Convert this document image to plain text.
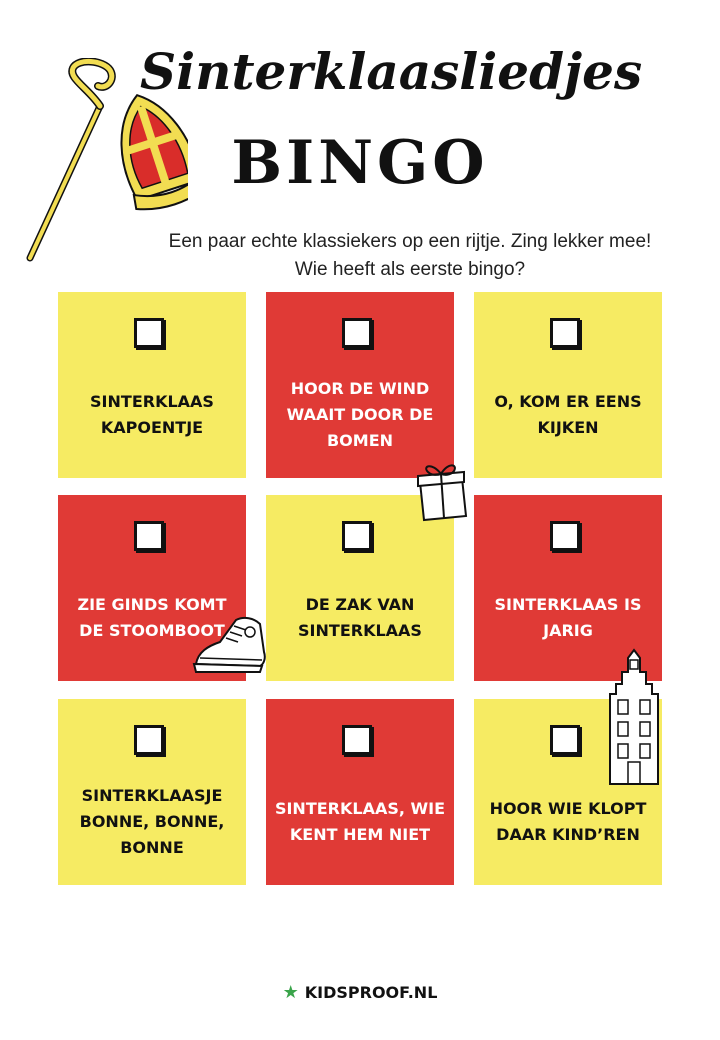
Sinterklaasliedjes
BINGO
Een paar echte klassiekers op een rijtje. Zing lekker mee!
Wie heeft als eerste bingo?
SINTERKLAAS KAPOENTJE
HOOR DE WIND WAAIT DOOR DE BOMEN
O, KOM ER EENS KIJKEN
ZIE GINDS KOMT DE STOOMBOOT
DE ZAK VAN SINTERKLAAS
SINTERKLAAS IS JARIG
SINTERKLAASJE BONNE, BONNE, BONNE
SINTERKLAAS, WIE KENT HEM NIET
HOOR WIE KLOPT DAAR KIND’REN
★ KIDSPROOF.NL
